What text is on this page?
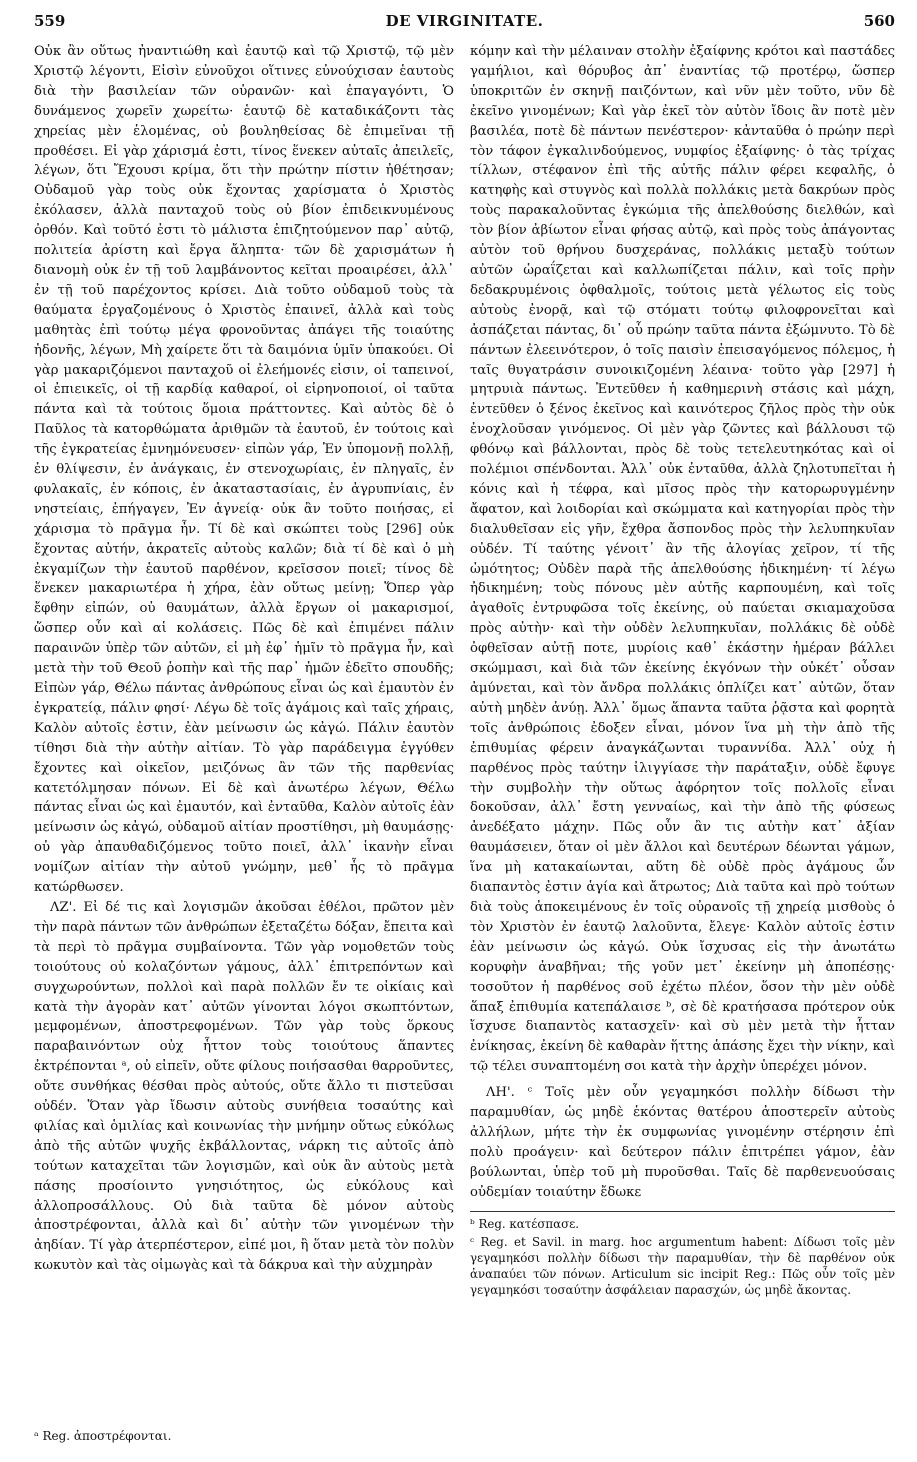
559	DE VIRGINITATE.	560

Οὐκ ἂν οὕτως ἠναντιώθη καὶ ἑαυτῷ καὶ τῷ Χριστῷ, τῷ μὲν Χριστῷ λέγοντι, Εἰσὶν εὐνοῦχοι οἵτινες εὐνούχισαν ἑαυτοὺς διὰ τὴν βασιλείαν τῶν οὐρανῶν· καὶ ἐπαγαγόντι, Ὁ δυνάμενος χωρεῖν χωρείτω· ἑαυτῷ δὲ καταδικάζοντι τὰς χηρείας μὲν ἑλομένας, οὐ βουληθείσας δὲ ἐπιμεῖναι τῇ προθέσει. Εἰ γὰρ χάρισμά ἐστι, τίνος ἕνεκεν αὐταῖς ἀπειλεῖς, λέγων, ὅτι Ἔχουσι κρίμα, ὅτι τὴν πρώτην πίστιν ἠθέτησαν; Οὐδαμοῦ γὰρ τοὺς οὐκ ἔχοντας χαρίσματα ὁ Χριστὸς ἐκόλασεν, ἀλλὰ πανταχοῦ τοὺς οὐ βίον ἐπιδεικνυμένους ὀρθόν. Καὶ τοῦτό ἐστι τὸ μάλιστα ἐπιζητούμενον παρ᾽ αὐτῷ, πολιτεία ἀρίστη καὶ ἔργα ἄληπτα· τῶν δὲ χαρισμάτων ἡ διανομὴ οὐκ ἐν τῇ τοῦ λαμβάνοντος κεῖται προαιρέσει, ἀλλ᾽ ἐν τῇ τοῦ παρέχοντος κρίσει. Διὰ τοῦτο οὐδαμοῦ τοὺς τὰ θαύματα ἐργαζομένους ὁ Χριστὸς ἐπαινεῖ, ἀλλὰ καὶ τοὺς μαθητὰς ἐπὶ τούτῳ μέγα φρονοῦντας ἀπάγει τῆς τοιαύτης ἡδονῆς, λέγων, Μὴ χαίρετε ὅτι τὰ δαιμόνια ὑμῖν ὑπακούει. Οἱ γὰρ μακαριζόμενοι πανταχοῦ οἱ ἐλεήμονές εἰσιν, οἱ ταπεινοί, οἱ ἐπιεικεῖς, οἱ τῇ καρδίᾳ καθαροί, οἱ εἰρηνοποιοί, οἱ ταῦτα πάντα καὶ τὰ τούτοις ὅμοια πράττοντες. Καὶ αὐτὸς δὲ ὁ Παῦλος τὰ κατορθώματα ἀριθμῶν τὰ ἑαυτοῦ, ἐν τούτοις καὶ τῆς ἐγκρατείας ἐμνημόνευσεν· εἰπὼν γάρ, Ἐν ὑπομονῇ πολλῇ, ἐν θλίψεσιν, ἐν ἀνάγκαις, ἐν στενοχωρίαις, ἐν πληγαῖς, ἐν φυλακαῖς, ἐν κόποις, ἐν ἀκαταστασίαις, ἐν ἀγρυπνίαις, ἐν νηστείαις, ἐπήγαγεν, Ἐν ἁγνείᾳ· οὐκ ἂν τοῦτο ποιήσας, εἰ χάρισμα τὸ πρᾶγμα ἦν. Τί δὲ καὶ σκώπτει τοὺς [296] οὐκ ἔχοντας αὐτήν, ἀκρατεῖς αὐτοὺς καλῶν; διὰ τί δὲ καὶ ὁ μὴ ἐκγαμίζων τὴν ἑαυτοῦ παρθένον, κρεῖσσον ποιεῖ; τίνος δὲ ἕνεκεν μακαριωτέρα ἡ χήρα, ἐὰν οὕτως μείνῃ; Ὅπερ γὰρ ἔφθην εἰπών, οὐ θαυμάτων, ἀλλὰ ἔργων οἱ μακαρισμοί, ὥσπερ οὖν καὶ αἱ κολάσεις. Πῶς δὲ καὶ ἐπιμένει πάλιν παραινῶν ὑπὲρ τῶν αὐτῶν, εἰ μὴ ἐφ᾽ ἡμῖν τὸ πρᾶγμα ἦν, καὶ μετὰ τὴν τοῦ Θεοῦ ῥοπὴν καὶ τῆς παρ᾽ ἡμῶν ἐδεῖτο σπουδῆς; Εἰπὼν γάρ, Θέλω πάντας ἀνθρώπους εἶναι ὡς καὶ ἐμαυτὸν ἐν ἐγκρατείᾳ, πάλιν φησί· Λέγω δὲ τοῖς ἀγάμοις καὶ ταῖς χήραις, Καλὸν αὐτοῖς ἐστιν, ἐὰν μείνωσιν ὡς κἀγώ. Πάλιν ἑαυτὸν τίθησι διὰ τὴν αὐτὴν αἰτίαν. Τὸ γὰρ παράδειγμα ἐγγύθεν ἔχοντες καὶ οἰκεῖον, μειζόνως ἂν τῶν τῆς παρθενίας κατετόλμησαν πόνων. Εἰ δὲ καὶ ἀνωτέρω λέγων, Θέλω πάντας εἶναι ὡς καὶ ἐμαυτόν, καὶ ἐνταῦθα, Καλὸν αὐτοῖς ἐὰν μείνωσιν ὡς κἀγώ, οὐδαμοῦ αἰτίαν προστίθησι, μὴ θαυμάσῃς· οὐ γὰρ ἀπαυθαδιζόμενος τοῦτο ποιεῖ, ἀλλ᾽ ἱκανὴν εἶναι νομίζων αἰτίαν τὴν αὐτοῦ γνώμην, μεθ᾽ ἧς τὸ πρᾶγμα κατώρθωσεν.

ΛΖ'. Εἰ δέ τις καὶ λογισμῶν ἀκοῦσαι ἐθέλοι, πρῶτον μὲν τὴν παρὰ πάντων τῶν ἀνθρώπων ἐξεταζέτω δόξαν, ἔπειτα καὶ τὰ περὶ τὸ πρᾶγμα συμβαίνοντα. Τῶν γὰρ νομοθετῶν τοὺς τοιούτους οὐ κολαζόντων γάμους, ἀλλ᾽ ἐπιτρεπόντων καὶ συγχωρούντων, πολλοὶ καὶ παρὰ πολλῶν ἔν τε οἰκίαις καὶ κατὰ τὴν ἀγορὰν κατ᾽ αὐτῶν γίνονται λόγοι σκωπτόντων, μεμφομένων, ἀποστρεφομένων. Τῶν γὰρ τοὺς ὅρκους παραβαινόντων οὐχ ἧττον τοὺς τοιούτους ἅπαντες ἐκτρέπονται ᵃ, οὐ εἰπεῖν, οὔτε φίλους ποιήσασθαι θαρροῦντες, οὔτε συνθήκας θέσθαι πρὸς αὐτούς, οὔτε ἄλλο τι πιστεῦσαι οὐδέν. Ὅταν γὰρ ἴδωσιν αὐτοὺς συνήθεια τοσαύτης καὶ φιλίας καὶ ὁμιλίας καὶ κοινωνίας τὴν μνήμην οὕτως εὐκόλως ἀπὸ τῆς αὐτῶν ψυχῆς ἐκβάλλοντας, νάρκη τις αὐτοῖς ἀπὸ τούτων καταχεῖται τῶν λογισμῶν, καὶ οὐκ ἂν αὐτοὺς μετὰ πάσης προσίοιντο γνησιότητος, ὡς εὐκόλους καὶ ἀλλοπροσάλλους. Οὐ διὰ ταῦτα δὲ μόνον αὐτοὺς ἀποστρέφονται, ἀλλὰ καὶ δι᾽ αὐτὴν τῶν γινομένων τὴν ἀηδίαν. Τί γὰρ ἀτερπέστερον, εἰπέ μοι, ἢ ὅταν μετὰ τὸν πολὺν κωκυτὸν καὶ τὰς οἰμωγὰς καὶ τὰ δάκρυα καὶ τὴν αὐχμηρὰν

ᵃ Reg. ἀποστρέφονται.

κόμην καὶ τὴν μέλαιναν στολὴν ἐξαίφνης κρότοι καὶ παστάδες γαμήλιοι, καὶ θόρυβος ἀπ᾽ ἐναντίας τῷ προτέρῳ, ὥσπερ ὑποκριτῶν ἐν σκηνῇ παιζόντων, καὶ νῦν μὲν τοῦτο, νῦν δὲ ἐκεῖνο γινομένων; Καὶ γὰρ ἐκεῖ τὸν αὐτὸν ἴδοις ἂν ποτὲ μὲν βασιλέα, ποτὲ δὲ πάντων πενέστερον· κἀνταῦθα ὁ πρώην περὶ τὸν τάφον ἐγκαλινδούμενος, νυμφίος ἐξαίφνης· ὁ τὰς τρίχας τίλλων, στέφανον ἐπὶ τῆς αὐτῆς πάλιν φέρει κεφαλῆς, ὁ κατηφὴς καὶ στυγνὸς καὶ πολλὰ πολλάκις μετὰ δακρύων πρὸς τοὺς παρακαλοῦντας ἐγκώμια τῆς ἀπελθούσης διελθών, καὶ τὸν βίον ἀβίωτον εἶναι φήσας αὐτῷ, καὶ πρὸς τοὺς ἀπάγοντας αὐτὸν τοῦ θρήνου δυσχεράνας, πολλάκις μεταξὺ τούτων αὐτῶν ὡραΐζεται καὶ καλλωπίζεται πάλιν, καὶ τοῖς πρὴν δεδακρυμένοις ὀφθαλμοῖς, τούτοις μετὰ γέλωτος εἰς τοὺς αὐτοὺς ἐνορᾷ, καὶ τῷ στόματι τούτῳ φιλοφρονεῖται καὶ ἀσπάζεται πάντας, δι᾽ οὗ πρώην ταῦτα πάντα ἐξώμνυτο. Τὸ δὲ πάντων ἐλεεινότερον, ὁ τοῖς παισὶν ἐπεισαγόμενος πόλεμος, ἡ ταῖς θυγατράσιν συνοικιζομένη λέαινα· τοῦτο γὰρ [297] ἡ μητρυιὰ πάντως. Ἐντεῦθεν ἡ καθημερινὴ στάσις καὶ μάχη, ἐντεῦθεν ὁ ξένος ἐκεῖνος καὶ καινότερος ζῆλος πρὸς τὴν οὐκ ἐνοχλοῦσαν γινόμενος. Οἱ μὲν γὰρ ζῶντες καὶ βάλλουσι τῷ φθόνῳ καὶ βάλλονται, πρὸς δὲ τοὺς τετελευτηκότας καὶ οἱ πολέμιοι σπένδονται. Ἀλλ᾽ οὐκ ἐνταῦθα, ἀλλὰ ζηλοτυπεῖται ἡ κόνις καὶ ἡ τέφρα, καὶ μῖσος πρὸς τὴν κατορωρυγμένην ἄφατον, καὶ λοιδορίαι καὶ σκώμματα καὶ κατηγορίαι πρὸς τὴν διαλυθεῖσαν εἰς γῆν, ἔχθρα ἄσπονδος πρὸς τὴν λελυπηκυῖαν οὐδέν. Τί ταύτης γένοιτ᾽ ἂν τῆς ἀλογίας χεῖρον, τί τῆς ὠμότητος; Οὐδὲν παρὰ τῆς ἀπελθούσης ἠδικημένη· τί λέγω ἠδικημένη; τοὺς πόνους μὲν αὐτῆς καρπουμένη, καὶ τοῖς ἀγαθοῖς ἐντρυφῶσα τοῖς ἐκείνης, οὐ παύεται σκιαμαχοῦσα πρὸς αὐτὴν· καὶ τὴν οὐδὲν λελυπηκυῖαν, πολλάκις δὲ οὐδὲ ὀφθεῖσαν αὐτῇ ποτε, μυρίοις καθ᾽ ἑκάστην ἡμέραν βάλλει σκώμμασι, καὶ διὰ τῶν ἐκείνης ἐκγόνων τὴν οὐκέτ᾽ οὖσαν ἀμύνεται, καὶ τὸν ἄνδρα πολλάκις ὁπλίζει κατ᾽ αὐτῶν, ὅταν αὐτὴ μηδὲν ἀνύῃ. Ἀλλ᾽ ὅμως ἅπαντα ταῦτα ῥᾷστα καὶ φορητὰ τοῖς ἀνθρώποις ἐδοξεν εἶναι, μόνον ἵνα μὴ τὴν ἀπὸ τῆς ἐπιθυμίας φέρειν ἀναγκάζωνται τυραννίδα. Ἀλλ᾽ οὐχ ἡ παρθένος πρὸς ταύτην ἰλιγγίασε τὴν παράταξιν, οὐδὲ ἔφυγε τὴν συμβολὴν τὴν οὕτως ἀφόρητον τοῖς πολλοῖς εἶναι δοκοῦσαν, ἀλλ᾽ ἔστη γενναίως, καὶ τὴν ἀπὸ τῆς φύσεως ἀνεδέξατο μάχην. Πῶς οὖν ἂν τις αὐτὴν κατ᾽ ἀξίαν θαυμάσειεν, ὅταν οἱ μὲν ἄλλοι καὶ δευτέρων δέωνται γάμων, ἵνα μὴ κατακαίωνται, αὕτη δὲ οὐδὲ πρὸς ἀγάμους ὦν διαπαντὸς ἐστιν ἁγία καὶ ἄτρωτος; Διὰ ταῦτα καὶ πρὸ τούτων διὰ τοὺς ἀποκειμένους ἐν τοῖς οὐρανοῖς τῇ χηρείᾳ μισθοὺς ὁ τὸν Χριστὸν ἐν ἑαυτῷ λαλοῦντα, ἔλεγε· Καλὸν αὐτοῖς ἐστιν ἐὰν μείνωσιν ὡς κἀγώ. Οὐκ ἴσχυσας εἰς τὴν ἀνωτάτω κορυφὴν ἀναβῆναι; τῆς γοῦν μετ᾽ ἐκείνην μὴ ἀποπέσῃς· τοσοῦτον ἡ παρθένος σοῦ ἐχέτω πλέον, ὅσον τὴν μὲν οὐδὲ ἅπαξ ἐπιθυμία κατεπάλαισε ᵇ, σὲ δὲ κρατήσασα πρότερον οὐκ ἴσχυσε διαπαντὸς κατασχεῖν· καὶ σὺ μὲν μετὰ τὴν ἧτταν ἐνίκησας, ἐκείνη δὲ καθαρὰν ἥττης ἁπάσης ἔχει τὴν νίκην, καὶ τῷ τέλει συναπτομένη σοι κατὰ τὴν ἀρχὴν ὑπερέχει μόνον.

ΛΗ'. ᶜ Τοῖς μὲν οὖν γεγαμηκόσι πολλὴν δίδωσι τὴν παραμυθίαν, ὡς μηδὲ ἑκόντας θατέρου ἀποστερεῖν αὐτοὺς ἀλλήλων, μήτε τὴν ἐκ συμφωνίας γινομένην στέρησιν ἐπὶ πολὺ προάγειν· καὶ δεύτερον πάλιν ἐπιτρέπει γάμον, ἐὰν βούλωνται, ὑπὲρ τοῦ μὴ πυροῦσθαι. Ταῖς δὲ παρθενευούσαις οὐδεμίαν τοιαύτην ἔδωκε

ᵇ Reg. κατέσπασε.

ᶜ Reg. et Savil. in marg. hoc argumentum habent: Δίδωσι τοῖς μὲν γεγαμηκόσι πολλὴν δίδωσι τὴν παραμυθίαν, τὴν δὲ παρθένον οὐκ ἀναπαύει τῶν πόνων. Articulum sic incipit Reg.: Πῶς οὖν τοῖς μὲν γεγαμηκόσι τοσαύτην ἀσφάλειαν παρασχών, ὡς μηδὲ ἄκοντας.
